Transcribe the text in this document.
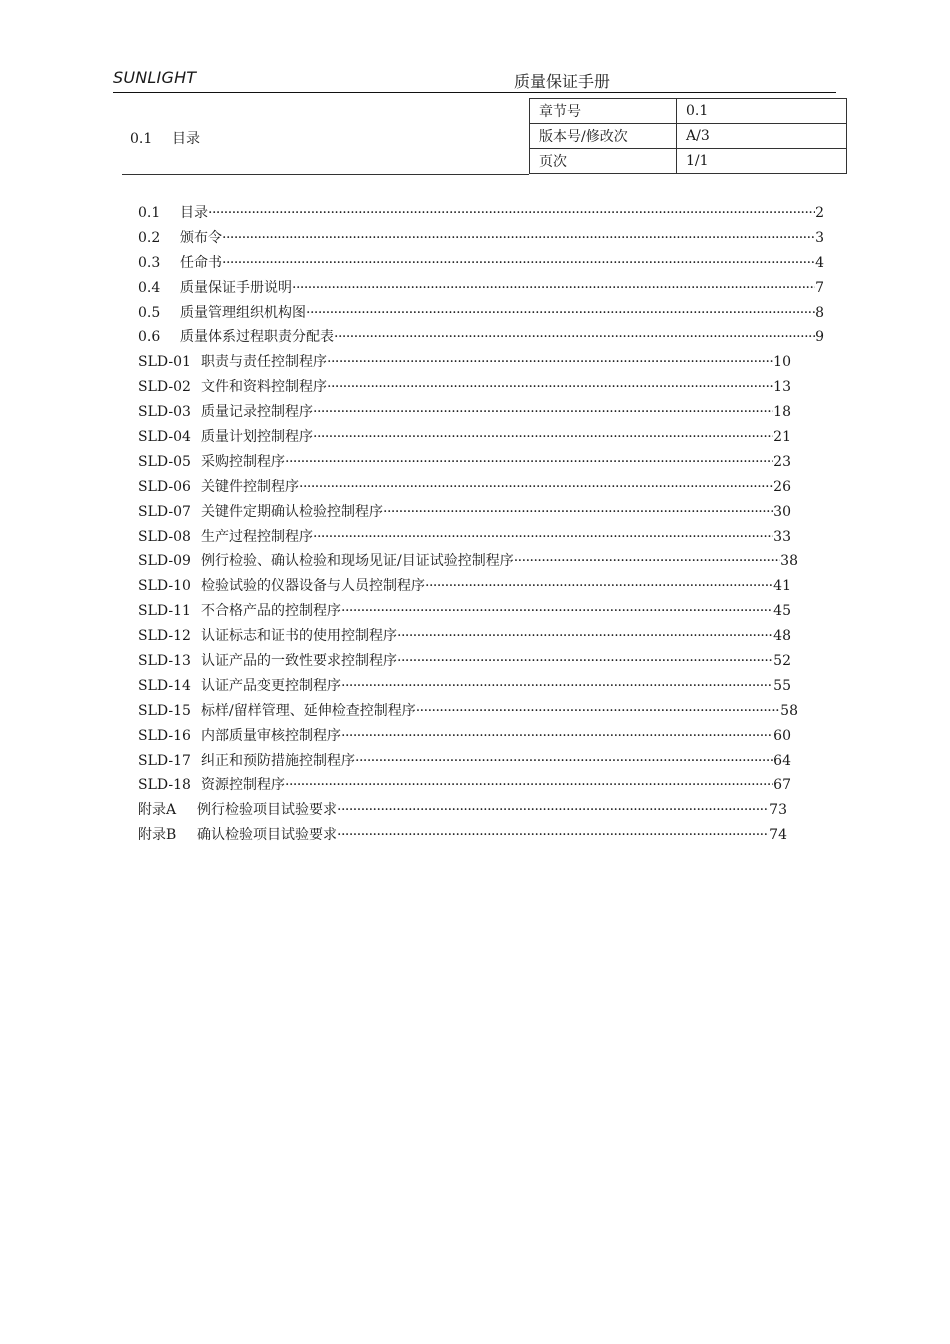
SUNLIGHT	质量保证手册
0.1 目录
章节号	0.1
版本号/修改次	A/3
页次	1/1
0.1	目录 ·····	2
0.2	颁布令 ·····	3
0.3	任命书 ·····	4
0.4	质量保证手册说明 ·····	7
0.5	质量管理组织机构图 ·····	8
0.6	质量体系过程职责分配表 ·····	9
SLD-01 职责与责任控制程序 ·····	10
SLD-02 文件和资料控制程序 ·····	13
SLD-03 质量记录控制程序 ·····	18
SLD-04 质量计划控制程序 ·····	21
SLD-05 采购控制程序 ·····	23
SLD-06 关键件控制程序 ·····	26
SLD-07 关键件定期确认检验控制程序 ·····	30
SLD-08 生产过程控制程序 ·····	33
SLD-09 例行检验、确认检验和现场见证/目证试验控制程序 ·····	38
SLD-10 检验试验的仪器设备与人员控制程序 ·····	41
SLD-11 不合格产品的控制程序 ·····	45
SLD-12 认证标志和证书的使用控制程序 ·····	48
SLD-13 认证产品的一致性要求控制程序 ·····	52
SLD-14 认证产品变更控制程序 ·····	55
SLD-15 标样/留样管理、延伸检查控制程序 ·····	58
SLD-16 内部质量审核控制程序 ·····	60
SLD-17 纠正和预防措施控制程序 ·····	64
SLD-18 资源控制程序 ·····	67
附录A	例行检验项目试验要求 ·····	73
附录B	确认检验项目试验要求 ·····	74
